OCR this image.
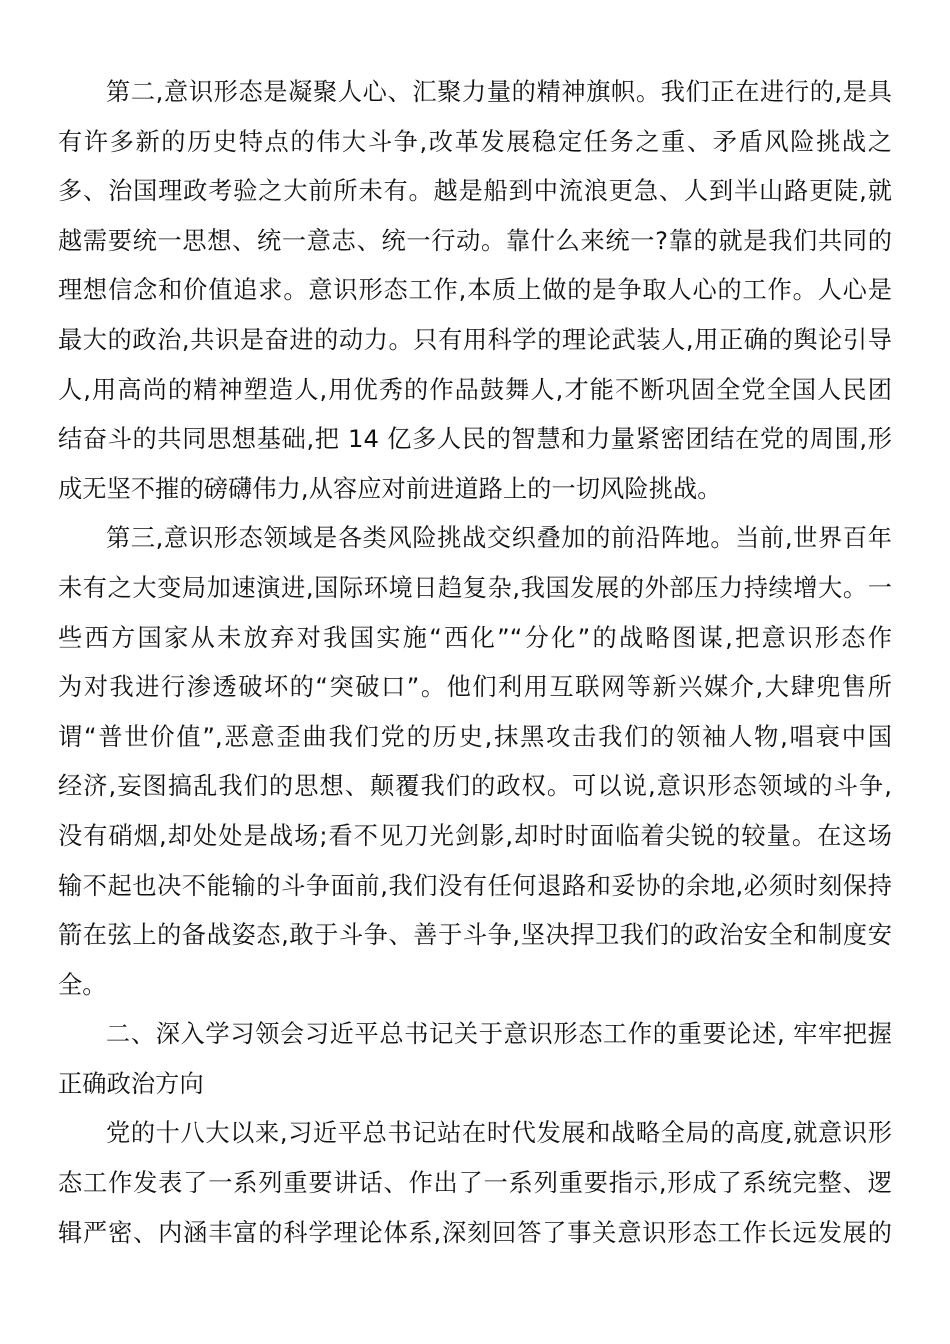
第二,意识形态是凝聚人心、汇聚力量的精神旗帜。我们正在进行的,是具
有许多新的历史特点的伟大斗争,改革发展稳定任务之重、矛盾风险挑战之
多、治国理政考验之大前所未有。越是船到中流浪更急、人到半山路更陡,就
越需要统一思想、统一意志、统一行动。靠什么来统一?靠的就是我们共同的
理想信念和价值追求。意识形态工作,本质上做的是争取人心的工作。人心是
最大的政治,共识是奋进的动力。只有用科学的理论武装人,用正确的舆论引导
人,用高尚的精神塑造人,用优秀的作品鼓舞人,才能不断巩固全党全国人民团
结奋斗的共同思想基础,把 14 亿多人民的智慧和力量紧密团结在党的周围,形
成无坚不摧的磅礴伟力,从容应对前进道路上的一切风险挑战。
第三,意识形态领域是各类风险挑战交织叠加的前沿阵地。当前,世界百年
未有之大变局加速演进,国际环境日趋复杂,我国发展的外部压力持续增大。一
些西方国家从未放弃对我国实施“西化”“分化”的战略图谋,把意识形态作
为对我进行渗透破坏的“突破口”。他们利用互联网等新兴媒介,大肆兜售所
谓“普世价值”,恶意歪曲我们党的历史,抹黑攻击我们的领袖人物,唱衰中国
经济,妄图搞乱我们的思想、颠覆我们的政权。可以说,意识形态领域的斗争,
没有硝烟,却处处是战场;看不见刀光剑影,却时时面临着尖锐的较量。在这场
输不起也决不能输的斗争面前,我们没有任何退路和妥协的余地,必须时刻保持
箭在弦上的备战姿态,敢于斗争、善于斗争,坚决捍卫我们的政治安全和制度安
全。
二、深入学习领会习近平总书记关于意识形态工作的重要论述, 牢牢把握
正确政治方向
党的十八大以来,习近平总书记站在时代发展和战略全局的高度,就意识形
态工作发表了一系列重要讲话、作出了一系列重要指示,形成了系统完整、逻
辑严密、内涵丰富的科学理论体系,深刻回答了事关意识形态工作长远发展的
